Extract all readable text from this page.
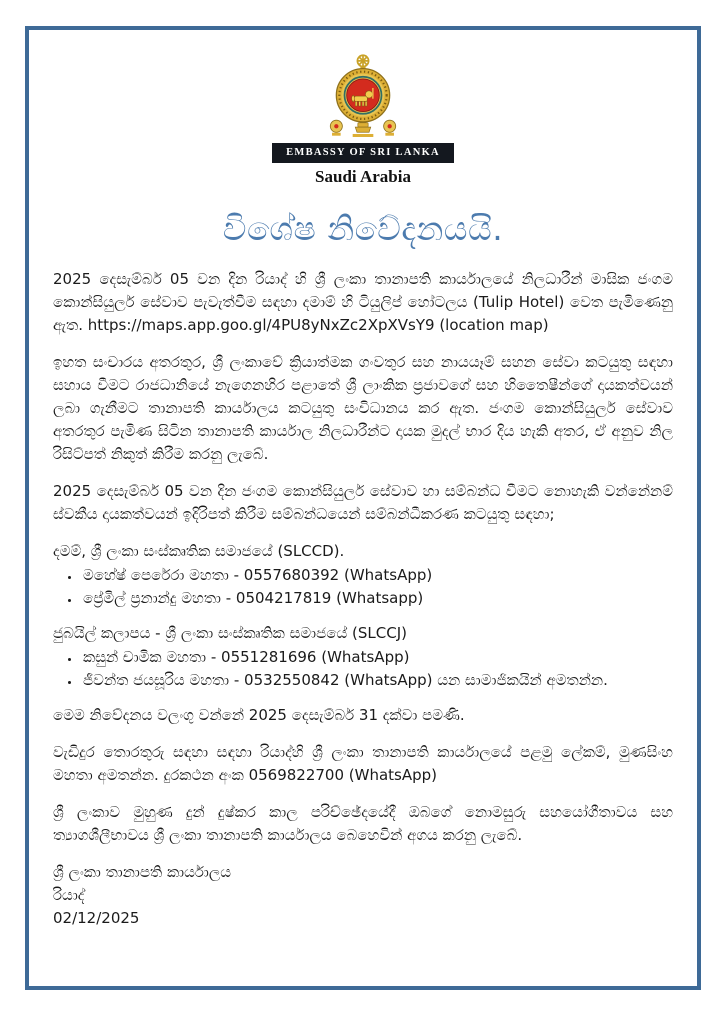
EMBASSY OF SRI LANKA
Saudi Arabia
විශේෂ නිවේදනයයි.

2025 දෙසැම්බර් 05 වන දින රියාද් හි ශ්‍රී ලංකා තානාපති කාර්යාලයේ නිලධාරීන් මාසික ජංගම කොන්සියුලර් සේවාව පැවැත්වීම සඳහා දමාම් හි ටියුලිප් හෝටලය (Tulip Hotel) වෙත පැමිණෙනු ඇත. https://maps.app.goo.gl/4PU8yNxZc2XpXVsY9 (location map)

ඉහත සංචාරය අතරතුර, ශ්‍රී ලංකාවේ ක්‍රියාත්මක ගංවතුර සහ නායයෑම් සහන සේවා කටයුතු සඳහා සහාය වීමට රාජධානියේ නැගෙනහිර පළාතේ ශ්‍රී ලාංකික ප්‍රජාවගේ සහ හිතෛෂීන්ගේ දායකත්වයන් ලබා ගැනීමට තානාපති කාර්යාලය කටයුතු සංවිධානය කර ඇත. ජංගම කොන්සියුලර් සේවාව අතරතුර පැමිණ සිටින තානාපති කාර්යාල නිලධාරීන්ට දායක මුදල් භාර දිය හැකි අතර, ඒ අනුව නිල රිසිට්පත් නිකුත් කිරීම කරනු ලැබේ.

2025 දෙසැම්බර් 05 වන දින ජංගම කොන්සියුලර් සේවාව හා සම්බන්ධ වීමට නොහැකි වන්නේනම් ස්වකීය දායකත්වයන් ඉදිරිපත් කිරීම සම්බන්ධයෙන් සම්බන්ධීකරණ කටයුතු සඳහා;

දමම්, ශ්‍රී ලංකා සංස්කෘතික සමාජයේ (SLCCD).

• මහේෂ් පෙරේරා මහතා - 0557680392 (WhatsApp)
• ප්‍රේමිල් ප්‍රනාන්දු මහතා - 0504217819 (Whatsapp)

ජුබයිල් කලාපය - ශ්‍රී ලංකා සංස්කෘතික සමාජයේ (SLCCJ)

• කසුන් චාමික මහතා - 0551281696 (WhatsApp)
• ජීවන්ත ජයසූරිය මහතා - 0532550842 (WhatsApp) යන සාමාජිකයින් අමතන්න.

මෙම නිවේදනය වලංගු වන්නේ 2025 දෙසැම්බර් 31 දක්වා පමණි.

වැඩිදුර තොරතුරු සඳහා සඳහා රියාද්හි ශ්‍රී ලංකා තානාපති කාර්යාලයේ පළමු ලේකම්, මුණසිංහ මහතා අමතන්න. දුරකථන අංක 0569822700 (WhatsApp)

ශ්‍රී ලංකාව මුහුණ දුන් දුෂ්කර කාල පරිච්ඡේදයේදී ඔබගේ නොමසුරු සහයෝගීතාවය සහ ත්‍යාගශීලීභාවය ශ්‍රී ලංකා තානාපති කාර්යාලය බෙහෙවින් අගය කරනු ලැබේ.

ශ්‍රී ලංකා තානාපති කාර්යාලය

රියාද්

02/12/2025
